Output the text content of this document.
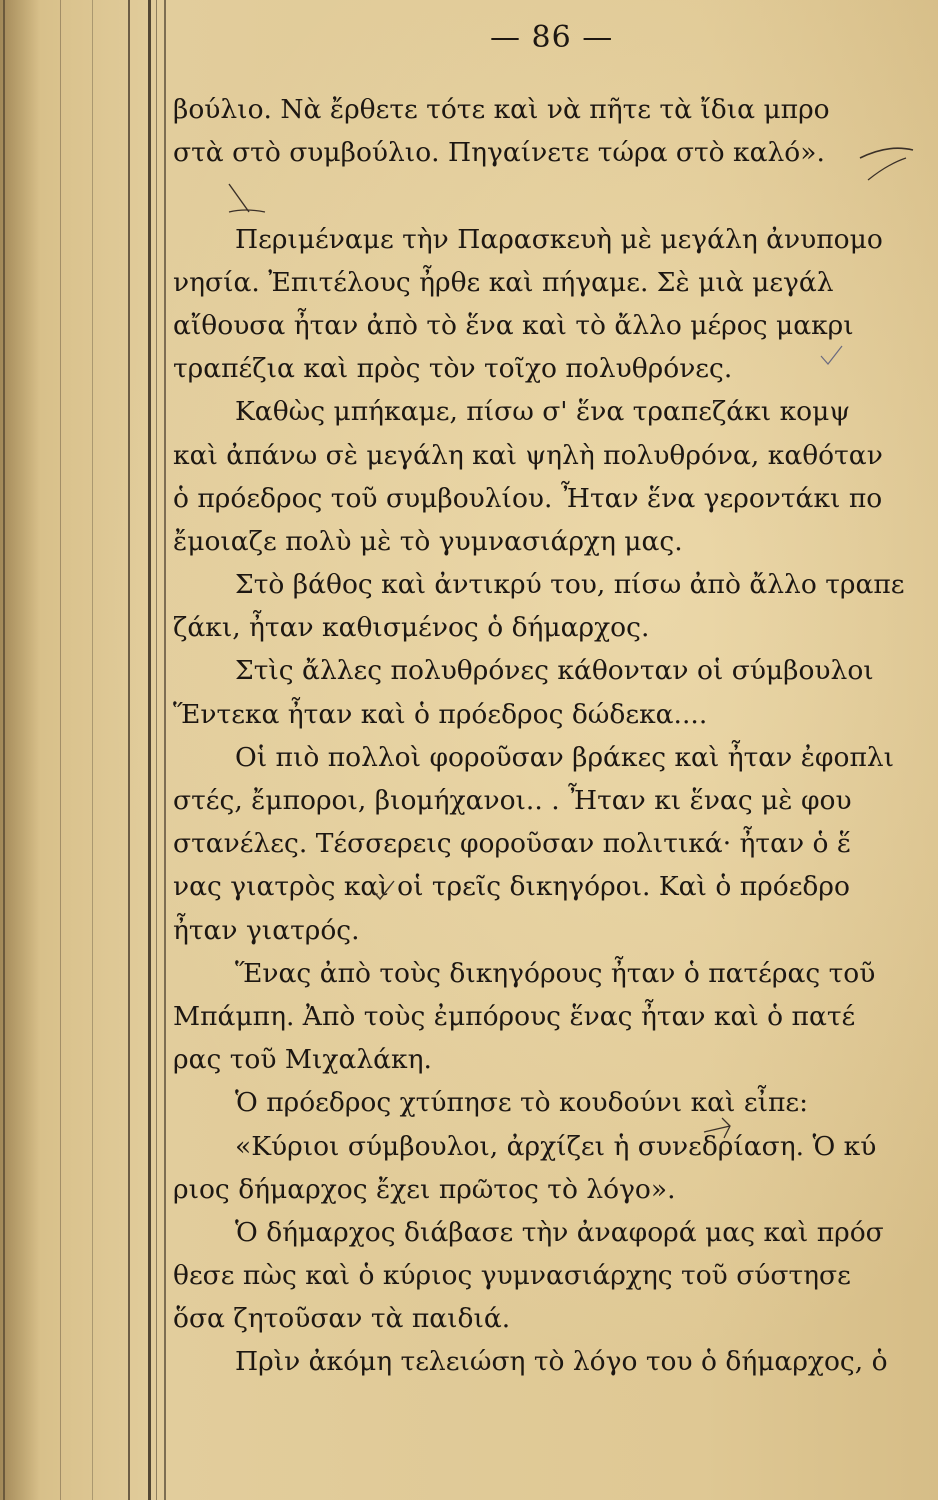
— 86 —
βούλιο. Νὰ ἔρθετε τότε καὶ νὰ πῆτε τὰ ἴδια μπρο
στὰ στὸ συμβούλιο. Πηγαίνετε τώρα στὸ καλό».
Περιμέναμε τὴν Παρασκευὴ μὲ μεγάλη ἀνυπομο
νησία. Ἐπιτέλους ἦρθε καὶ πήγαμε. Σὲ μιὰ μεγάλ
αἴθουσα ἦταν ἀπὸ τὸ ἕνα καὶ τὸ ἄλλο μέρος μακρι
τραπέζια καὶ πρὸς τὸν τοῖχο πολυθρόνες.
Καθὼς μπήκαμε, πίσω σ' ἕνα τραπεζάκι κομψ
καὶ ἀπάνω σὲ μεγάλη καὶ ψηλὴ πολυθρόνα, καθόταν
ὁ πρόεδρος τοῦ συμβουλίου. Ἦταν ἕνα γεροντάκι πο
ἔμοιαζε πολὺ μὲ τὸ γυμνασιάρχη μας.
Στὸ βάθος καὶ ἀντικρύ του, πίσω ἀπὸ ἄλλο τραπε
ζάκι, ἦταν καθισμένος ὁ δήμαρχος.
Στὶς ἄλλες πολυθρόνες κάθονταν οἱ σύμβουλοι
Ἕντεκα ἦταν καὶ ὁ πρόεδρος δώδεκα....
Οἱ πιὸ πολλοὶ φοροῦσαν βράκες καὶ ἦταν ἐφοπλι
στές, ἔμποροι, βιομήχανοι.. . Ἦταν κι ἕνας μὲ φου
στανέλες. Τέσσερεις φοροῦσαν πολιτικά· ἦταν ὁ ἕ
νας γιατρὸς καὶ οἱ τρεῖς δικηγόροι. Καὶ ὁ πρόεδρο
ἦταν γιατρός.
Ἕνας ἀπὸ τοὺς δικηγόρους ἦταν ὁ πατέρας τοῦ
Μπάμπη. Ἀπὸ τοὺς ἐμπόρους ἕνας ἦταν καὶ ὁ πατέ
ρας τοῦ Μιχαλάκη.
Ὁ πρόεδρος χτύπησε τὸ κουδούνι καὶ εἶπε:
«Κύριοι σύμβουλοι, ἀρχίζει ἡ συνεδρίαση. Ὁ κύ
ριος δήμαρχος ἔχει πρῶτος τὸ λόγο».
Ὁ δήμαρχος διάβασε τὴν ἀναφορά μας καὶ πρόσ
θεσε πὼς καὶ ὁ κύριος γυμνασιάρχης τοῦ σύστησε
ὅσα ζητοῦσαν τὰ παιδιά.
Πρὶν ἀκόμη τελειώση τὸ λόγο του ὁ δήμαρχος, ὁ
